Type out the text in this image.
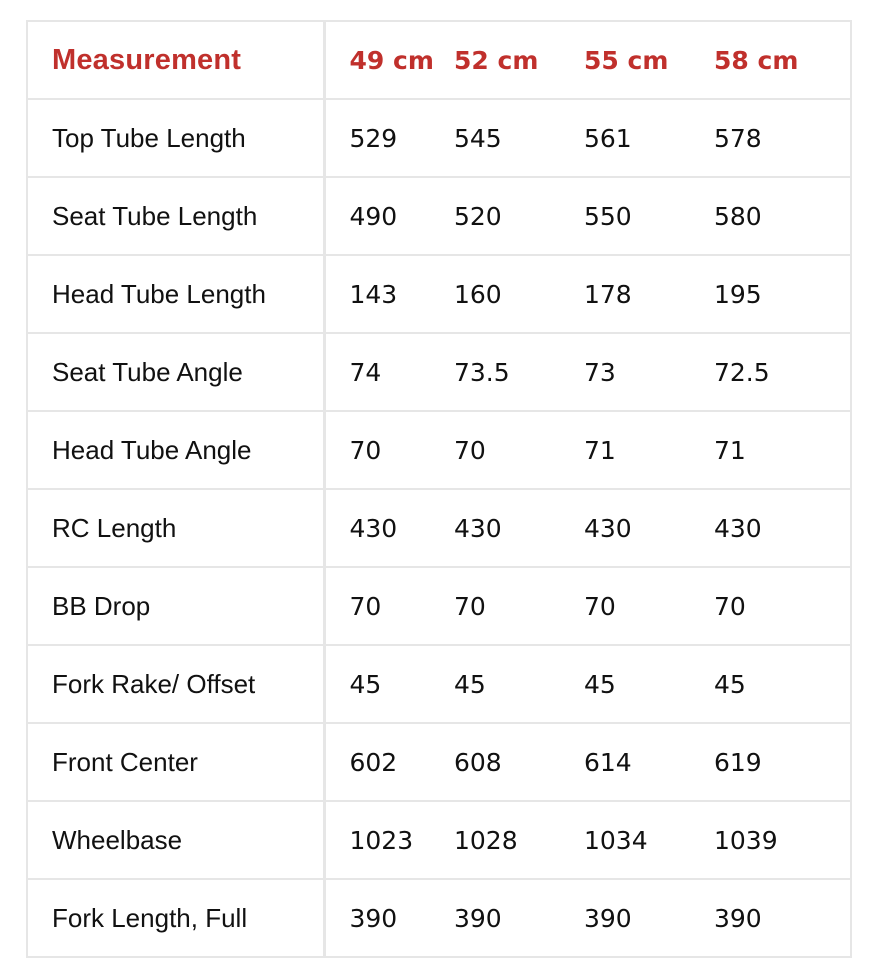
Measurement	49 cm	52 cm	55 cm	58 cm
Top Tube Length	529	545	561	578
Seat Tube Length	490	520	550	580
Head Tube Length	143	160	178	195
Seat Tube Angle	74	73.5	73	72.5
Head Tube Angle	70	70	71	71
RC Length	430	430	430	430
BB Drop	70	70	70	70
Fork Rake/ Offset	45	45	45	45
Front Center	602	608	614	619
Wheelbase	1023	1028	1034	1039
Fork Length, Full	390	390	390	390
